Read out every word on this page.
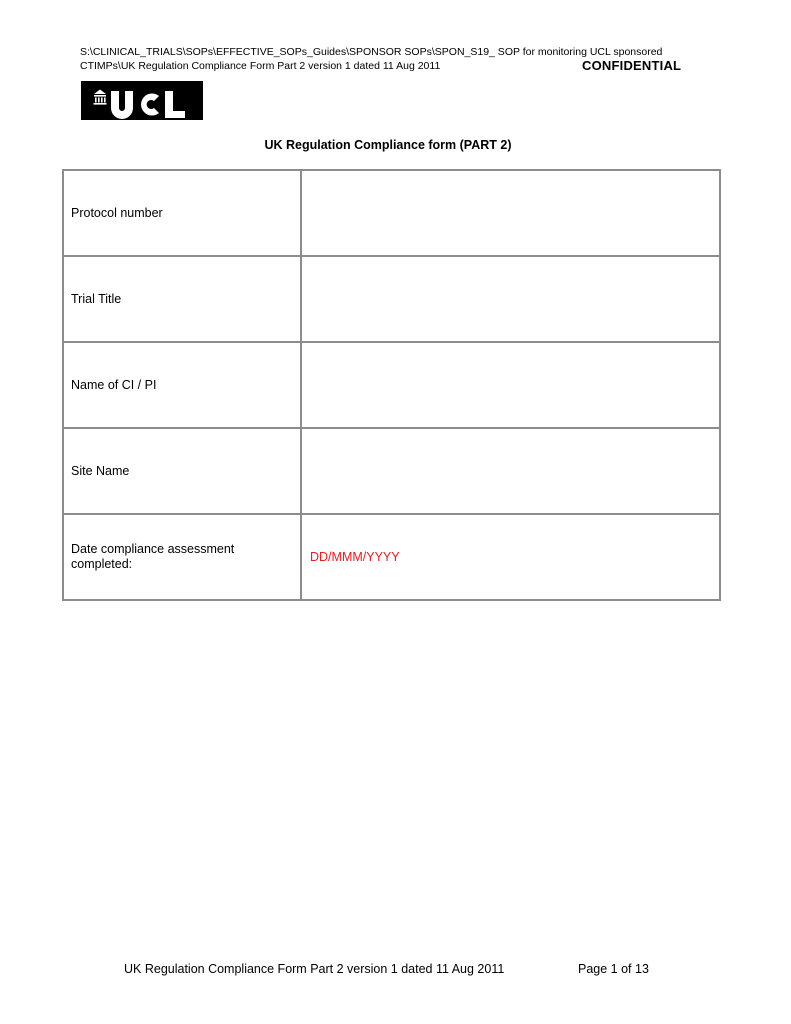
S:\CLINICAL_TRIALS\SOPs\EFFECTIVE_SOPs_Guides\SPONSOR SOPs\SPON_S19_ SOP for monitoring UCL sponsored
CTIMPs\UK Regulation Compliance Form Part 2 version 1 dated 11 Aug 2011	CONFIDENTIAL
UK Regulation Compliance form (PART 2)
Protocol number	
Trial Title	
Name of CI / PI	
Site Name	
Date compliance assessment completed:	DD/MMM/YYYY
UK Regulation Compliance Form Part 2 version 1 dated 11 Aug 2011	Page 1 of 13
